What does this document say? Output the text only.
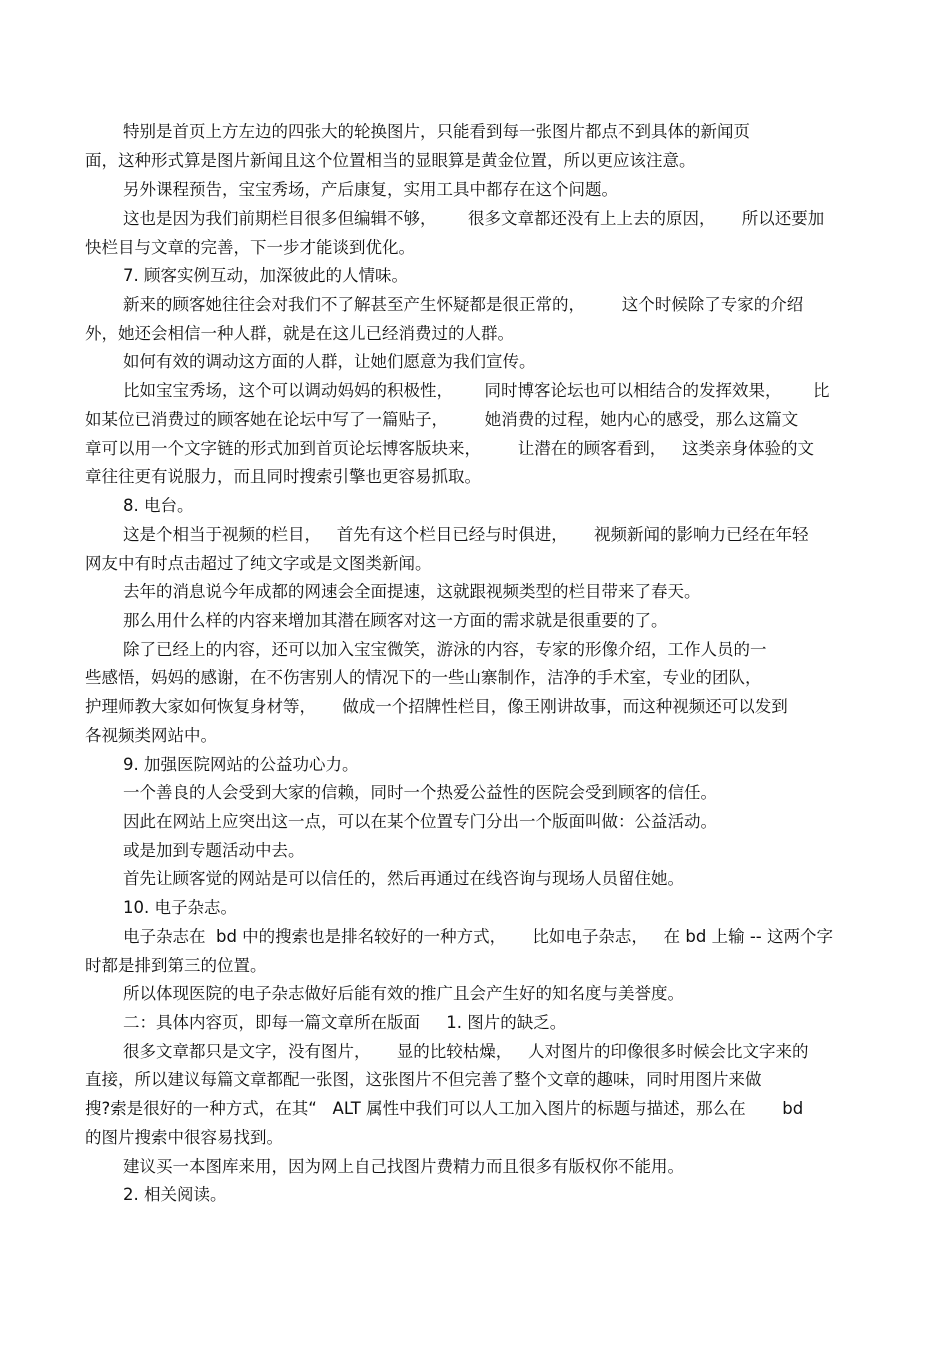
特别是首页上方左边的四张大的轮换图片，只能看到每一张图片都点不到具体的新闻页
面，这种形式算是图片新闻且这个位置相当的显眼算是黄金位置，所以更应该注意。
另外课程预告，宝宝秀场，产后康复，实用工具中都存在这个问题。
这也是因为我们前期栏目很多但编辑不够，      很多文章都还没有上上去的原因，     所以还要加
快栏目与文章的完善，下一步才能谈到优化。
7. 顾客实例互动，加深彼此的人情味。
新来的顾客她往往会对我们不了解甚至产生怀疑都是很正常的，       这个时候除了专家的介绍
外，她还会相信一种人群，就是在这儿已经消费过的人群。
如何有效的调动这方面的人群，让她们愿意为我们宣传。
比如宝宝秀场，这个可以调动妈妈的积极性，      同时博客论坛也可以相结合的发挥效果，      比
如某位已消费过的顾客她在论坛中写了一篇贴子，       她消费的过程，她内心的感受，那么这篇文
章可以用一个文字链的形式加到首页论坛博客版块来，       让潜在的顾客看到，   这类亲身体验的文
章往往更有说服力，而且同时搜索引擎也更容易抓取。
8. 电台。
这是个相当于视频的栏目，   首先有这个栏目已经与时俱进，     视频新闻的影响力已经在年轻
网友中有时点击超过了纯文字或是文图类新闻。
去年的消息说今年成都的网速会全面提速，这就跟视频类型的栏目带来了春天。
那么用什么样的内容来增加其潜在顾客对这一方面的需求就是很重要的了。
除了已经上的内容，还可以加入宝宝微笑，游泳的内容，专家的形像介绍，工作人员的一
些感悟，妈妈的感谢，在不伤害别人的情况下的一些山寨制作，洁净的手术室，专业的团队，
护理师教大家如何恢复身材等，     做成一个招牌性栏目，像王刚讲故事，而这种视频还可以发到
各视频类网站中。
9. 加强医院网站的公益功心力。
一个善良的人会受到大家的信赖，同时一个热爱公益性的医院会受到顾客的信任。
因此在网站上应突出这一点，可以在某个位置专门分出一个版面叫做：公益活动。
或是加到专题活动中去。
首先让顾客觉的网站是可以信任的，然后再通过在线咨询与现场人员留住她。
10. 电子杂志。
电子杂志在  bd 中的搜索也是排名较好的一种方式，     比如电子杂志，   在 bd 上输 -- 这两个字
时都是排到第三的位置。
所以体现医院的电子杂志做好后能有效的推广且会产生好的知名度与美誉度。
二：具体内容页，即每一篇文章所在版面     1. 图片的缺乏。
很多文章都只是文字，没有图片，     显的比较枯燥，   人对图片的印像很多时候会比文字来的
直接，所以建议每篇文章都配一张图，这张图片不但完善了整个文章的趣味，同时用图片来做
搜?索是很好的一种方式，在其“   ALT 属性中我们可以人工加入图片的标题与描述，那么在       bd
的图片搜索中很容易找到。
建议买一本图库来用，因为网上自己找图片费精力而且很多有版权你不能用。
2. 相关阅读。
